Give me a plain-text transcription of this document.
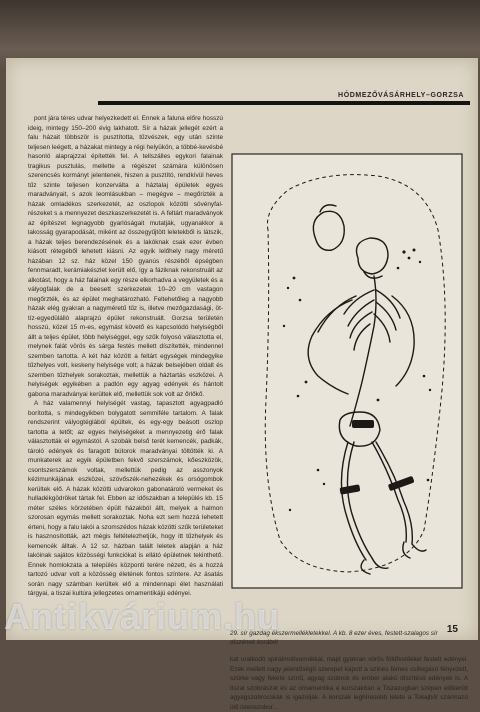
HÓDMEZŐVÁSÁRHELY–GORZSA

pont jára téres udvar helyezkedett el. Ennek a faluna előre hosszú ideig, mintegy 150–200 évig lakhatott. Sír a házak jellegét ezért a falu házait többször is pusztította, tűzvészek, egy után szinte teljesen leégett, a házakat mintegy a régi helyükön, a többé-kevésbé hasonló alaprajzzal építették fel. A tellszálles egykori falainak tragikus pusztulás, mellette a régészet számára különösen szerencsés kormányt jelentenek, hiszen a pusztító, rendkívül heves tűz szinte teljesen konzerválta a háztalaj épületek egyes maradványait, s azok leomlásukban – megégve – megőrizték a házak omladékos szerkezetét, az oszlopok közötti sövényfal-részeket s a mennyezet deszkaszerkezetét is. A feltárt maradványok az építészet legnagyobb gyarlóságait mutatják, ugyanakkor a lakosság gyarapodását, miként az összegyűjtött leletekből is látszik, a házak teljes berendezésének és a lakóknak csak ezer évben kiásott rétegéből lehetett kiásni. Az egyik lelőhely nagy méretű házában 12 sz. ház közel 150 gyanús részéből épségben fennmaradt, kerámiakészlet került elő, így a fáziknak rekonstruált az alkotást, hogy a ház falainak egy része elkorhadva a vegyületek és a vályogfalak de a beesett szerkezetek 10–20 cm vastagon megőrzték, és az épület meghatározható. Feltehetőleg a nagyobb házak elég gyakran a nagyméretű tűz is, illetve mezőgazdasági, öt-tíz-egyedülálló alaprajzú épület rekonstruált. Gorzsa területén hosszú, közel 15 m-es, egymást követő és kapcsolódó helyiségből állt a teljes épület, több helyiséggel, egy szűk folyosó választotta el, melynek falát vörös és sárga festés mellett díszítették, mindennel szemben tartotta. A két ház között a feltárt egységek mindegyike tűzhelyes volt, keskeny helyisége volt; a házak belsejében oldalt és szemben tűzhelyek sorakoztak, mellettük a háztartás eszközei. A helyiségek egyikében a padlón egy agyag edények és hántolt gabona maradványai kerültek elő, mellettük sok volt az őrlőkő.

A ház valamennyi helyiségét vastag, tapasztott agyagpadló borította, s mindegyikben bolygatott semmiféle tartalom. A falak rendszerint vályogtéglából épültek, és egy-egy beásott oszlop tartotta a tetőt; az egyes helyiségeket a mennyezetig érő falak választották el egymástól. A szobák belső terét kemencék, padkák, tároló edények és faragott bútorok maradványai töltötték ki. A munkaterek az egyik épületben fekvő szerszámok, kőeszközök, csontszerszámok voltak, mellettük pedig az asszonyok kézimunkájának eszközei, szövőszék-nehezékek és orsógombok kerültek elő. A házak közötti udvarokon gabonatároló vermeket és hulladékgödröket tártak fel. Ebben az időszakban a település kb. 15 méter széles körzetében épült házakból állt, melyek a halmon szorosan egymás mellett sorakoztak. Noha ezt sem hozzá lehetett érteni, hogy a falu lakói a szomszédos házak közötti szűk területeket is hasznosították, azt mégis feltételezhetjük, hogy itt tűzhelyek és kemencék álltak. A 12 sz. házban talált leletek alapján a ház lakóinak sajátos közösségi funkciókat is ellátó épületnek tekinthető. Ennek homlokzata a település központi terére nézett, és a hozzá tartozó udvar volt a közösség életének fontos színtere. Az ásatás során nagy számban kerültek elő a mindennapi élet használati tárgyai, a tiszai kultúra jellegzetes ornamentikájú edényei.

29. sír gazdag ékszermellékletekkel. A kb. 8 ezer éves, festett-szalagos sír díszének korából

kat uralkodó spirálmotívumokkal, majd gyakran vörös földfestékkel festett edényei. Ezek mellett nagy jelentőségű szerepet kapott a színes fémes csillogású fényezett, szürke vagy fekete színű, agyag szobrok és ember alakú díszítésű edények is. A tiszai szobrászat és az ornamentika e korszakban a Tiszazugban szépen előkerült agyagszobrocskák is igazolják. A korszak leghíresebb lelete a Tokajból származó ülő istenszobor...

15
Antikvárium.hu
